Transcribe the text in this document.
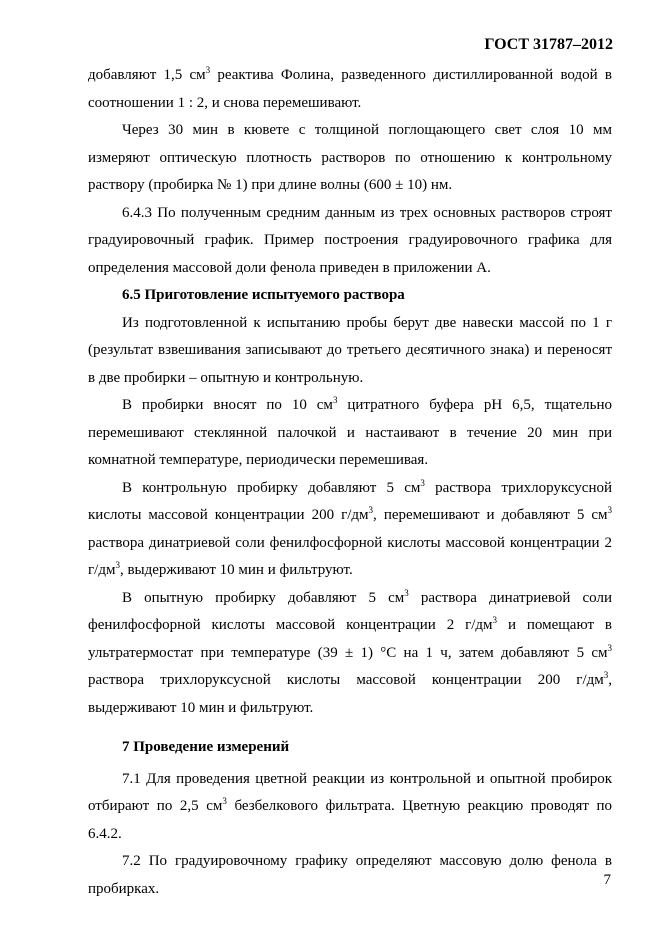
ГОСТ 31787–2012

добавляют 1,5 $см^3$ реактива Фолина, разведенного дистиллированной водой в соотношении 1 : 2, и снова перемешивают.

Через 30 мин в кювете с толщиной поглощающего свет слоя 10 мм измеряют оптическую плотность растворов по отношению к контрольному раствору (пробирка № 1) при длине волны (600 ± 10) нм.

6.4.3 По полученным средним данным из трех основных растворов строят градуировочный график. Пример построения градуировочного графика для определения массовой доли фенола приведен в приложении А.

6.5 Приготовление испытуемого раствора

Из подготовленной к испытанию пробы берут две навески массой по 1 г (результат взвешивания записывают до третьего десятичного знака) и переносят в две пробирки – опытную и контрольную.

В пробирки вносят по 10 $см^3$ цитратного буфера pH 6,5, тщательно перемешивают стеклянной палочкой и настаивают в течение 20 мин при комнатной температуре, периодически перемешивая.

В контрольную пробирку добавляют 5 $см^3$ раствора трихлоруксусной кислоты массовой концентрации 200 $г/дм^3$, перемешивают и добавляют 5 $см^3$ раствора динатриевой соли фенилфосфорной кислоты массовой концентрации 2 $г/дм^3$, выдерживают 10 мин и фильтруют.

В опытную пробирку добавляют 5 $см^3$ раствора динатриевой соли фенилфосфорной кислоты массовой концентрации 2 $г/дм^3$ и помещают в ультратермостат при температуре (39 ± 1) °С на 1 ч, затем добавляют 5 $см^3$ раствора трихлоруксусной кислоты массовой концентрации 200 $г/дм^3$, выдерживают 10 мин и фильтруют.

7 Проведение измерений

7.1 Для проведения цветной реакции из контрольной и опытной пробирок отбирают по 2,5 $см^3$ безбелкового фильтрата. Цветную реакцию проводят по 6.4.2.

7.2 По градуировочному графику определяют массовую долю фенола в пробирках.

7
